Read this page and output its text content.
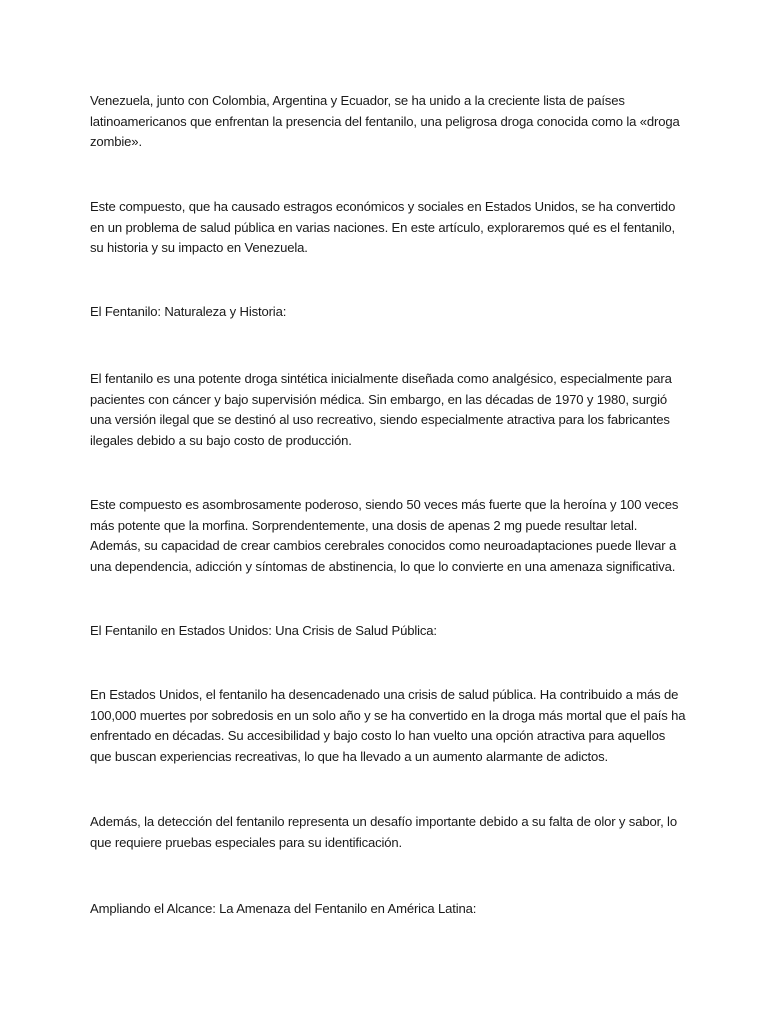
Venezuela, junto con Colombia, Argentina y Ecuador, se ha unido a la creciente lista de países latinoamericanos que enfrentan la presencia del fentanilo, una peligrosa droga conocida como la «droga zombie».

Este compuesto, que ha causado estragos económicos y sociales en Estados Unidos, se ha convertido en un problema de salud pública en varias naciones. En este artículo, exploraremos qué es el fentanilo, su historia y su impacto en Venezuela.

El Fentanilo: Naturaleza y Historia:

El fentanilo es una potente droga sintética inicialmente diseñada como analgésico, especialmente para pacientes con cáncer y bajo supervisión médica. Sin embargo, en las décadas de 1970 y 1980, surgió una versión ilegal que se destinó al uso recreativo, siendo especialmente atractiva para los fabricantes ilegales debido a su bajo costo de producción.

Este compuesto es asombrosamente poderoso, siendo 50 veces más fuerte que la heroína y 100 veces más potente que la morfina. Sorprendentemente, una dosis de apenas 2 mg puede resultar letal. Además, su capacidad de crear cambios cerebrales conocidos como neuroadaptaciones puede llevar a una dependencia, adicción y síntomas de abstinencia, lo que lo convierte en una amenaza significativa.

El Fentanilo en Estados Unidos: Una Crisis de Salud Pública:

En Estados Unidos, el fentanilo ha desencadenado una crisis de salud pública. Ha contribuido a más de 100,000 muertes por sobredosis en un solo año y se ha convertido en la droga más mortal que el país ha enfrentado en décadas. Su accesibilidad y bajo costo lo han vuelto una opción atractiva para aquellos que buscan experiencias recreativas, lo que ha llevado a un aumento alarmante de adictos.

Además, la detección del fentanilo representa un desafío importante debido a su falta de olor y sabor, lo que requiere pruebas especiales para su identificación.

Ampliando el Alcance: La Amenaza del Fentanilo en América Latina:
